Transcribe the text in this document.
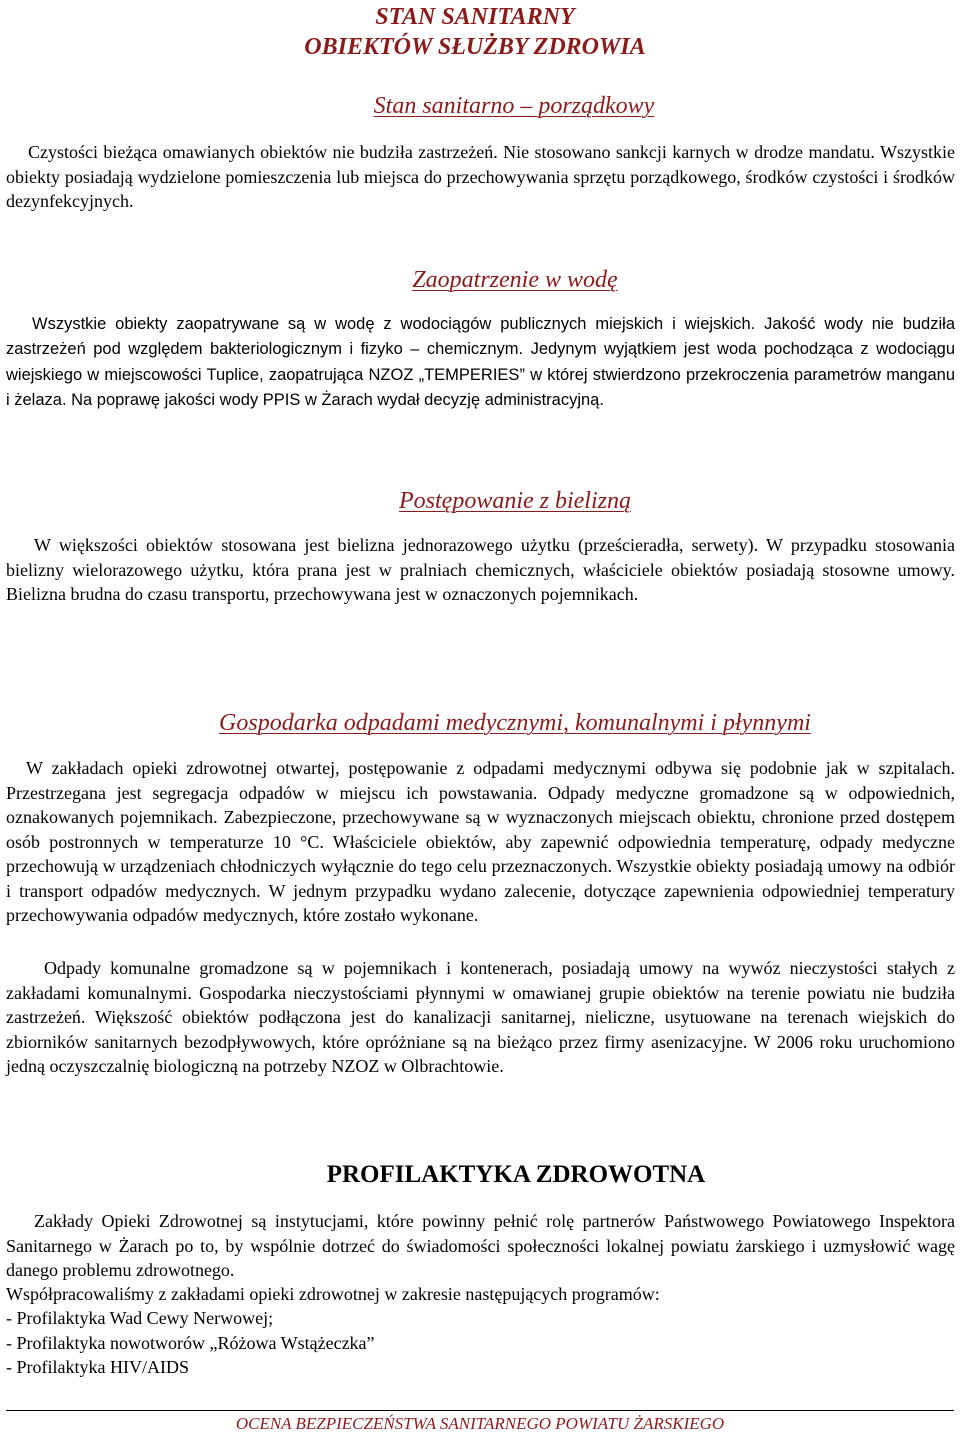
STAN SANITARNY
OBIEKTÓW SŁUŻBY ZDROWIA
Stan sanitarno – porządkowy

Czystości bieżąca omawianych obiektów nie budziła zastrzeżeń. Nie stosowano sankcji karnych w drodze mandatu. Wszystkie obiekty posiadają wydzielone pomieszczenia lub miejsca do przechowywania sprzętu porządkowego, środków czystości i środków dezynfekcyjnych.

Zaopatrzenie w wodę

Wszystkie obiekty zaopatrywane są w wodę z wodociągów publicznych miejskich i wiejskich. Jakość wody nie budziła zastrzeżeń pod względem bakteriologicznym i fizyko – chemicznym. Jedynym wyjątkiem jest woda pochodząca z wodociągu wiejskiego w miejscowości Tuplice, zaopatrująca NZOZ „TEMPERIES” w której stwierdzono przekroczenia parametrów manganu i żelaza. Na poprawę jakości wody PPIS w Żarach wydał decyzję administracyjną.

Postępowanie z bielizną

W większości obiektów stosowana jest bielizna jednorazowego użytku (prześcieradła, serwety). W przypadku stosowania bielizny wielorazowego użytku, która prana jest w pralniach chemicznych, właściciele obiektów posiadają stosowne umowy. Bielizna brudna do czasu transportu, przechowywana jest w oznaczonych pojemnikach.

Gospodarka odpadami medycznymi, komunalnymi i płynnymi

W zakładach opieki zdrowotnej otwartej, postępowanie z odpadami medycznymi odbywa się podobnie jak w szpitalach. Przestrzegana jest segregacja odpadów w miejscu ich powstawania. Odpady medyczne gromadzone są w odpowiednich, oznakowanych pojemnikach. Zabezpieczone, przechowywane są w wyznaczonych miejscach obiektu, chronione przed dostępem osób postronnych w temperaturze 10 °C. Właściciele obiektów, aby zapewnić odpowiednia temperaturę, odpady medyczne przechowują w urządzeniach chłodniczych wyłącznie do tego celu przeznaczonych. Wszystkie obiekty posiadają umowy na odbiór i transport odpadów medycznych. W jednym przypadku wydano zalecenie, dotyczące zapewnienia odpowiedniej temperatury przechowywania odpadów medycznych, które zostało wykonane.

Odpady komunalne gromadzone są w pojemnikach i kontenerach, posiadają umowy na wywóz nieczystości stałych z zakładami komunalnymi. Gospodarka nieczystościami płynnymi w omawianej grupie obiektów na terenie powiatu nie budziła zastrzeżeń. Większość obiektów podłączona jest do kanalizacji sanitarnej, nieliczne, usytuowane na terenach wiejskich do zbiorników sanitarnych bezodpływowych, które opróżniane są na bieżąco przez firmy asenizacyjne. W 2006 roku uruchomiono jedną oczyszczalnię biologiczną na potrzeby NZOZ w Olbrachtowie.

PROFILAKTYKA ZDROWOTNA

Zakłady Opieki Zdrowotnej są instytucjami, które powinny pełnić rolę partnerów Państwowego Powiatowego Inspektora Sanitarnego w Żarach po to, by wspólnie dotrzeć do świadomości społeczności lokalnej powiatu żarskiego i uzmysłowić wagę danego problemu zdrowotnego.

Współpracowaliśmy z zakładami opieki zdrowotnej w zakresie następujących programów:

- Profilaktyka Wad Cewy Nerwowej;
- Profilaktyka nowotworów „Różowa Wstążeczka”
- Profilaktyka HIV/AIDS

OCENA BEZPIECZEŃSTWA SANITARNEGO POWIATU ŻARSKIEGO
